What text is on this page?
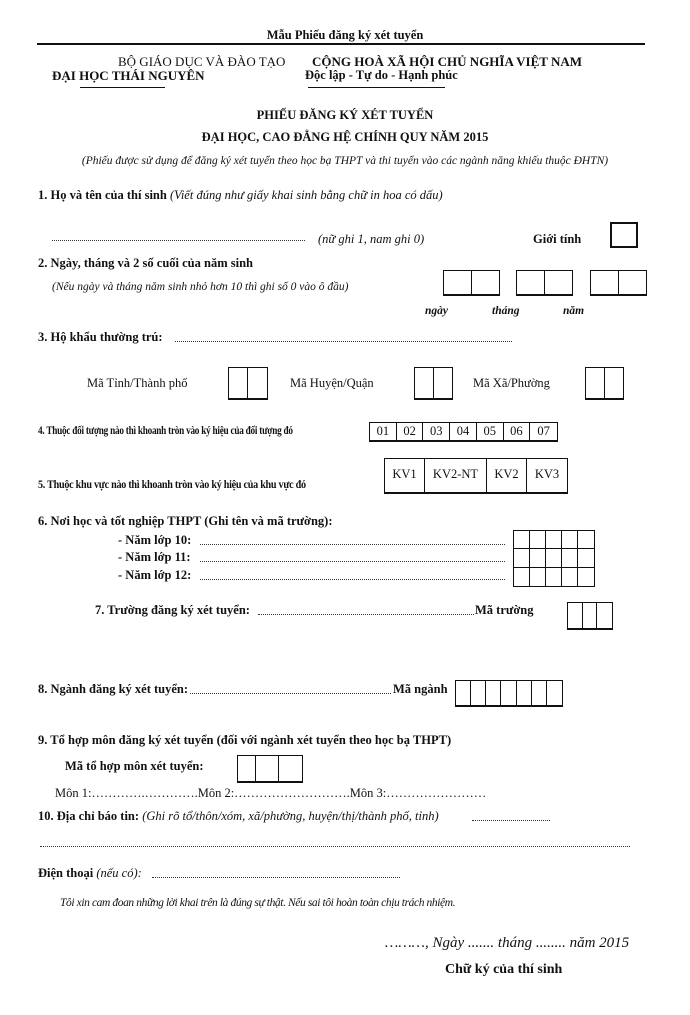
Mẫu Phiếu đăng ký xét tuyển
BỘ GIÁO DỤC VÀ ĐÀO TẠO CỘNG HOÀ XÃ HỘI CHỦ NGHĨA VIỆT NAM
ĐẠI HỌC THÁI NGUYÊN	Độc lập - Tự do - Hạnh phúc
PHIẾU ĐĂNG KÝ XÉT TUYỂN
ĐẠI HỌC, CAO ĐẲNG HỆ CHÍNH QUY NĂM 2015
(Phiếu được sử dụng để đăng ký xét tuyển theo học bạ THPT và thi tuyển vào các ngành năng khiếu thuộc ĐHTN)
1. Họ và tên của thí sinh (Viết đúng như giấy khai sinh bằng chữ in hoa có dấu)
(nữ ghi 1, nam ghi 0)	Giới tính
2. Ngày, tháng và 2 số cuối của năm sinh
(Nếu ngày và tháng năm sinh nhỏ hơn 10 thì ghi số 0 vào ô đầu)
ngày	tháng	năm
3. Hộ khẩu thường trú:
Mã Tỉnh/Thành phố	Mã Huyện/Quận	Mã Xã/Phường
4. Thuộc đối tượng nào thì khoanh tròn vào ký hiệu của đối tượng đó	01	02	03	04	05	06	07
5. Thuộc khu vực nào thì khoanh tròn vào ký hiệu của khu vực đó
KV1	KV2-NT	KV2	KV3
6. Nơi học và tốt nghiệp THPT (Ghi tên và mã trường):
- Năm lớp 10:
- Năm lớp 11:
- Năm lớp 12:
7. Trường đăng ký xét tuyển:	Mã trường
8. Ngành đăng ký xét tuyển:	Mã ngành
9. Tổ hợp môn đăng ký xét tuyển (đối với ngành xét tuyển theo học bạ THPT)
Mã tổ hợp môn xét tuyển:
Môn 1:………….………….Môn 2:……………………….Môn 3:……………………
10. Địa chỉ báo tin: (Ghi rõ tổ/thôn/xóm, xã/phường, huyện/thị/thành phố, tỉnh)
Điện thoại (nếu có):
Tôi xin cam đoan những lời khai trên là đúng sự thật. Nếu sai tôi hoàn toàn chịu trách nhiệm.
………, Ngày ....... tháng ........ năm 2015
Chữ ký của thí sinh
